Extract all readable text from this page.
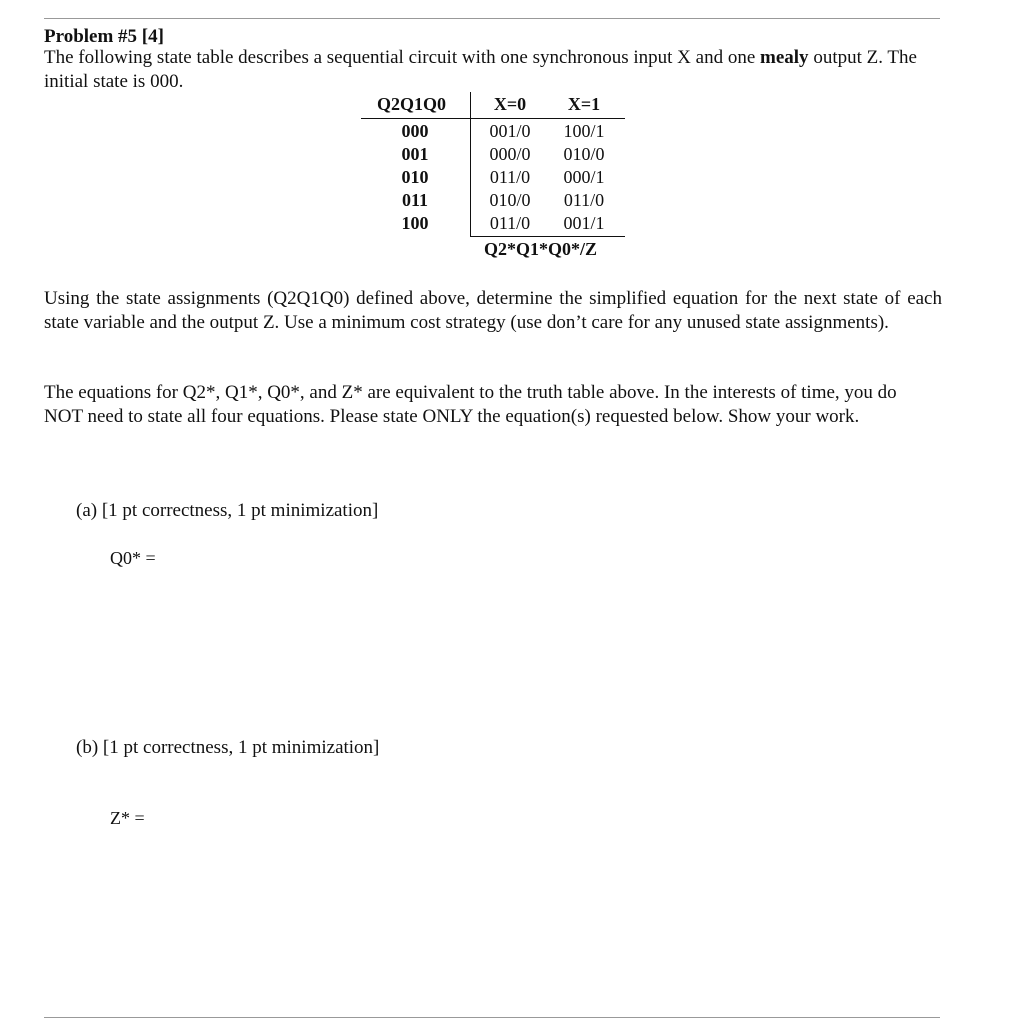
Problem #5 [4]

The following state table describes a sequential circuit with one synchronous input X and one mealy output Z. The initial state is 000.

Q2Q1Q0	X=0	X=1
000	001/0	100/1
001	000/0	010/0
010	011/0	000/1
011	010/0	011/0
100	011/0	001/1
Q2*Q1*Q0*/Z

Using the state assignments (Q2Q1Q0) defined above, determine the simplified equation for the next state of each state variable and the output Z. Use a minimum cost strategy (use don’t care for any unused state assignments).

The equations for Q2*, Q1*, Q0*, and Z* are equivalent to the truth table above. In the interests of time, you do NOT need to state all four equations. Please state ONLY the equation(s) requested below. Show your work.

(a) [1 pt correctness, 1 pt minimization]
Q0* =
(b) [1 pt correctness, 1 pt minimization]
Z* =
